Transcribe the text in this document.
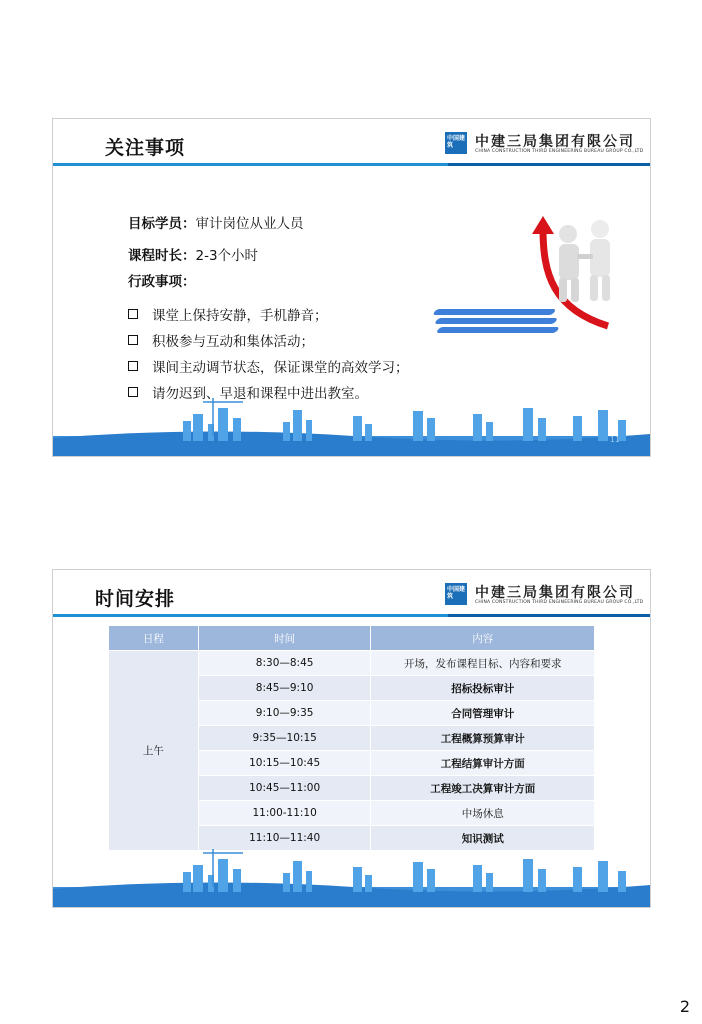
关注事项	中国建筑	中建三局集团有限公司
CHINA CONSTRUCTION THIRD ENGINEERING BUREAU GROUP CO.,LTD
目标学员：审计岗位从业人员
课程时长：2-3个小时
行政事项：
课堂上保持安静，手机静音；
积极参与互动和集体活动；
课间主动调节状态，保证课堂的高效学习；
请勿迟到、早退和课程中进出教室。
11
时间安排	中国建筑	中建三局集团有限公司
CHINA CONSTRUCTION THIRD ENGINEERING BUREAU GROUP CO.,LTD
日程	时间	内容
上午	8:30—8:45	开场，发布课程目标、内容和要求
	8:45—9:10	招标投标审计
	9:10—9:35	合同管理审计
	9:35—10:15	工程概算预算审计
	10:15—10:45	工程结算审计方面
	10:45—11:00	工程竣工决算审计方面
	11:00-11:10	中场休息
	11:10—11:40	知识测试
2
